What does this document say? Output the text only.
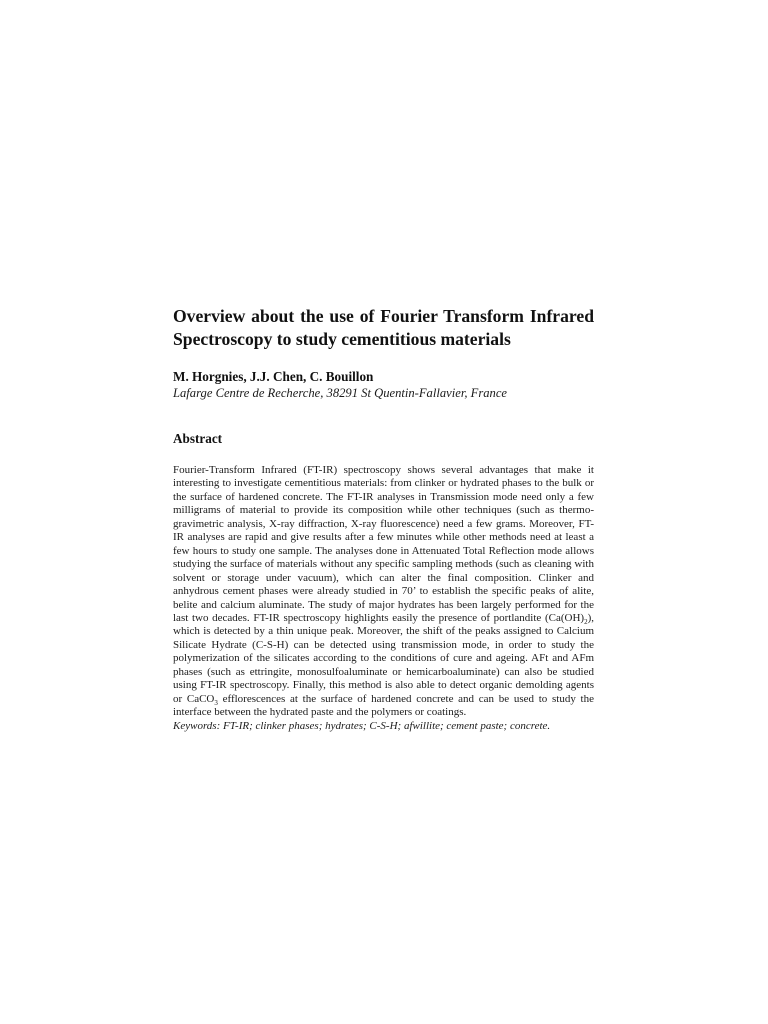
Overview about the use of Fourier Transform Infrared Spectroscopy to study cementitious materials

M. Horgnies, J.J. Chen, C. Bouillon

Lafarge Centre de Recherche, 38291 St Quentin-Fallavier, France

Abstract

Fourier-Transform Infrared (FT-IR) spectroscopy shows several advantages that make it interesting to investigate cementitious materials: from clinker or hydrated phases to the bulk or the surface of hardened concrete. The FT-IR analyses in Transmission mode need only a few milligrams of material to provide its composition while other techniques (such as thermo-gravimetric analysis, X-ray diffraction, X-ray fluorescence) need a few grams. Moreover, FT-IR analyses are rapid and give results after a few minutes while other methods need at least a few hours to study one sample. The analyses done in Attenuated Total Reflection mode allows studying the surface of materials without any specific sampling methods (such as cleaning with solvent or storage under vacuum), which can alter the final composition. Clinker and anhydrous cement phases were already studied in 70’ to establish the specific peaks of alite, belite and calcium aluminate. The study of major hydrates has been largely performed for the last two decades. FT-IR spectroscopy highlights easily the presence of portlandite $(Ca(OH)_2)$, which is detected by a thin unique peak. Moreover, the shift of the peaks assigned to Calcium Silicate Hydrate (C-S-H) can be detected using transmission mode, in order to study the polymerization of the silicates according to the conditions of cure and ageing. AFt and AFm phases (such as ettringite, monosulfoaluminate or hemicarboaluminate) can also be studied using FT-IR spectroscopy. Finally, this method is also able to detect organic demolding agents or CaCO$_3$ efflorescences at the surface of hardened concrete and can be used to study the interface between the hydrated paste and the polymers or coatings.

Keywords: FT-IR; clinker phases; hydrates; C-S-H; afwillite; cement paste; concrete.
